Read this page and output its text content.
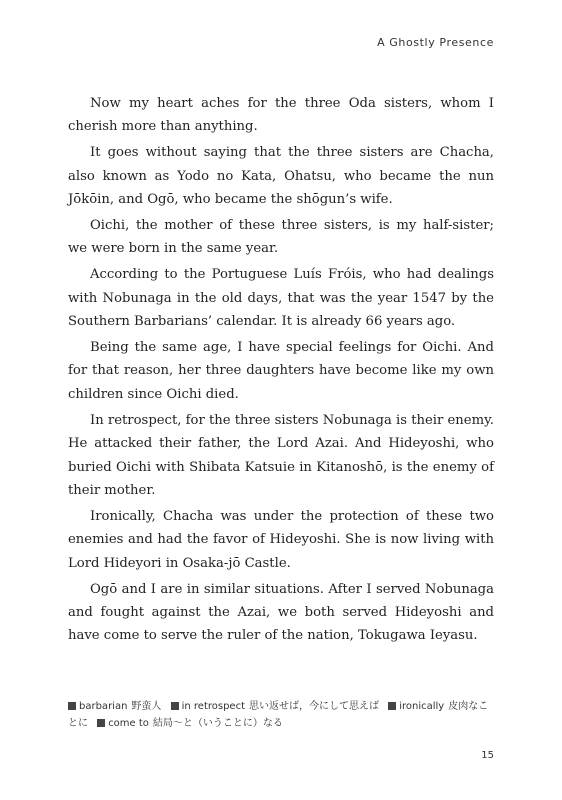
A Ghostly Presence

Now my heart aches for the three Oda sisters, whom I cherish more than anything.

It goes without saying that the three sisters are Chacha, also known as Yodo no Kata, Ohatsu, who became the nun Jōkōin, and Ogō, who became the shōgun’s wife.

Oichi, the mother of these three sisters, is my half-sister; we were born in the same year.

According to the Portuguese Luís Fróis, who had dealings with Nobunaga in the old days, that was the year 1547 by the Southern Barbarians’ calendar. It is already 66 years ago.

Being the same age, I have special feelings for Oichi. And for that reason, her three daughters have become like my own children since Oichi died.

In retrospect, for the three sisters Nobunaga is their enemy. He attacked their father, the Lord Azai. And Hideyoshi, who buried Oichi with Shibata Katsuie in Kitanoshō, is the enemy of their mother.

Ironically, Chacha was under the protection of these two enemies and had the favor of Hideyoshi. She is now living with Lord Hideyori in Osaka-jō Castle.

Ogō and I are in similar situations. After I served Nobunaga and fought against the Azai, we both served Hideyoshi and have come to serve the ruler of the nation, Tokugawa Ieyasu.

barbarian 野蛮人 in retrospect 思い返せば，今にして思えば ironically 皮肉なことに come to 結局〜と（いうことに）なる
15
